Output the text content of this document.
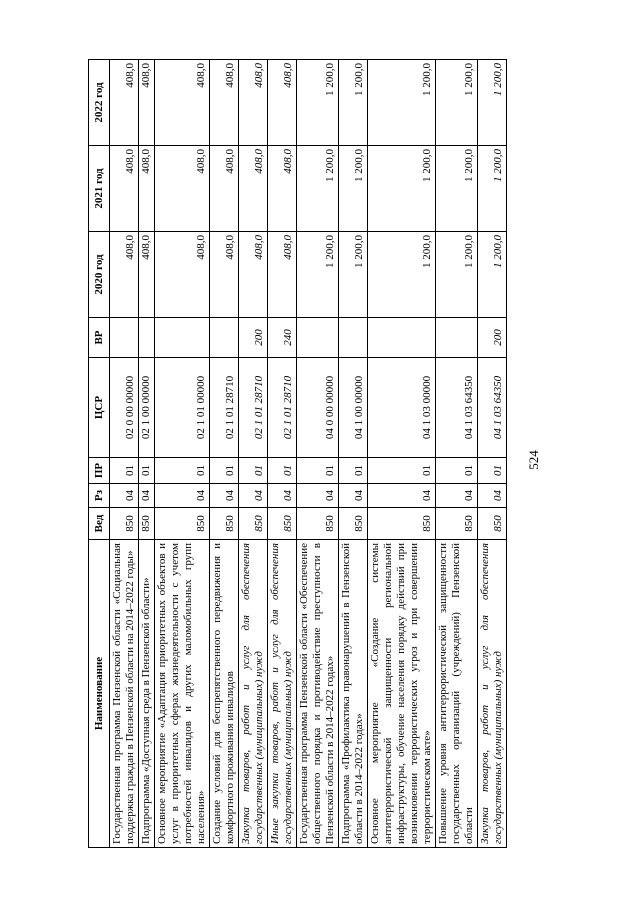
524
Наименование	Вед	Рз	ПР	ЦСР	ВР	2020 год	2021 год	2022 год
Государственная программа Пензенской области «Социальная поддержка граждан в Пензенской области на 2014–2022 годы»	850	04	01	02 0 00 00000		408,0	408,0	408,0
Подпрограмма «Доступная среда в Пензенской области»	850	04	01	02 1 00 00000		408,0	408,0	408,0
Основное мероприятие «Адаптация приоритетных объектов и услуг в приоритетных сферах жизнедеятельности с учетом потребностей инвалидов и других маломобильных групп населения»	850	04	01	02 1 01 00000		408,0	408,0	408,0
Создание условий для беспрепятственного передвижения и комфортного проживания инвалидов	850	04	01	02 1 01 28710		408,0	408,0	408,0
Закупка товаров, работ и услуг для обеспечения государственных (муниципальных) нужд	850	04	01	02 1 01 28710	200	408,0	408,0	408,0
Иные закупки товаров, работ и услуг для обеспечения государственных (муниципальных) нужд	850	04	01	02 1 01 28710	240	408,0	408,0	408,0
Государственная программа Пензенской области «Обеспечение общественного порядка и противодействие преступности в Пензенской области в 2014–2022 годах»	850	04	01	04 0 00 00000		1 200,0	1 200,0	1 200,0
Подпрограмма «Профилактика правонарушений в Пензенской области в 2014–2022 годах»	850	04	01	04 1 00 00000		1 200,0	1 200,0	1 200,0
Основное мероприятие «Создание системы антитеррористической защищенности региональной инфраструктуры, обучение населения порядку действий при возникновении террористических угроз и при совершении террористическом акте»	850	04	01	04 1 03 00000		1 200,0	1 200,0	1 200,0
Повышение уровня антитеррористической защищенности государственных организаций (учреждений) Пензенской области	850	04	01	04 1 03 64350		1 200,0	1 200,0	1 200,0
Закупка товаров, работ и услуг для обеспечения государственных (муниципальных) нужд	850	04	01	04 1 03 64350	200	1 200,0	1 200,0	1 200,0
